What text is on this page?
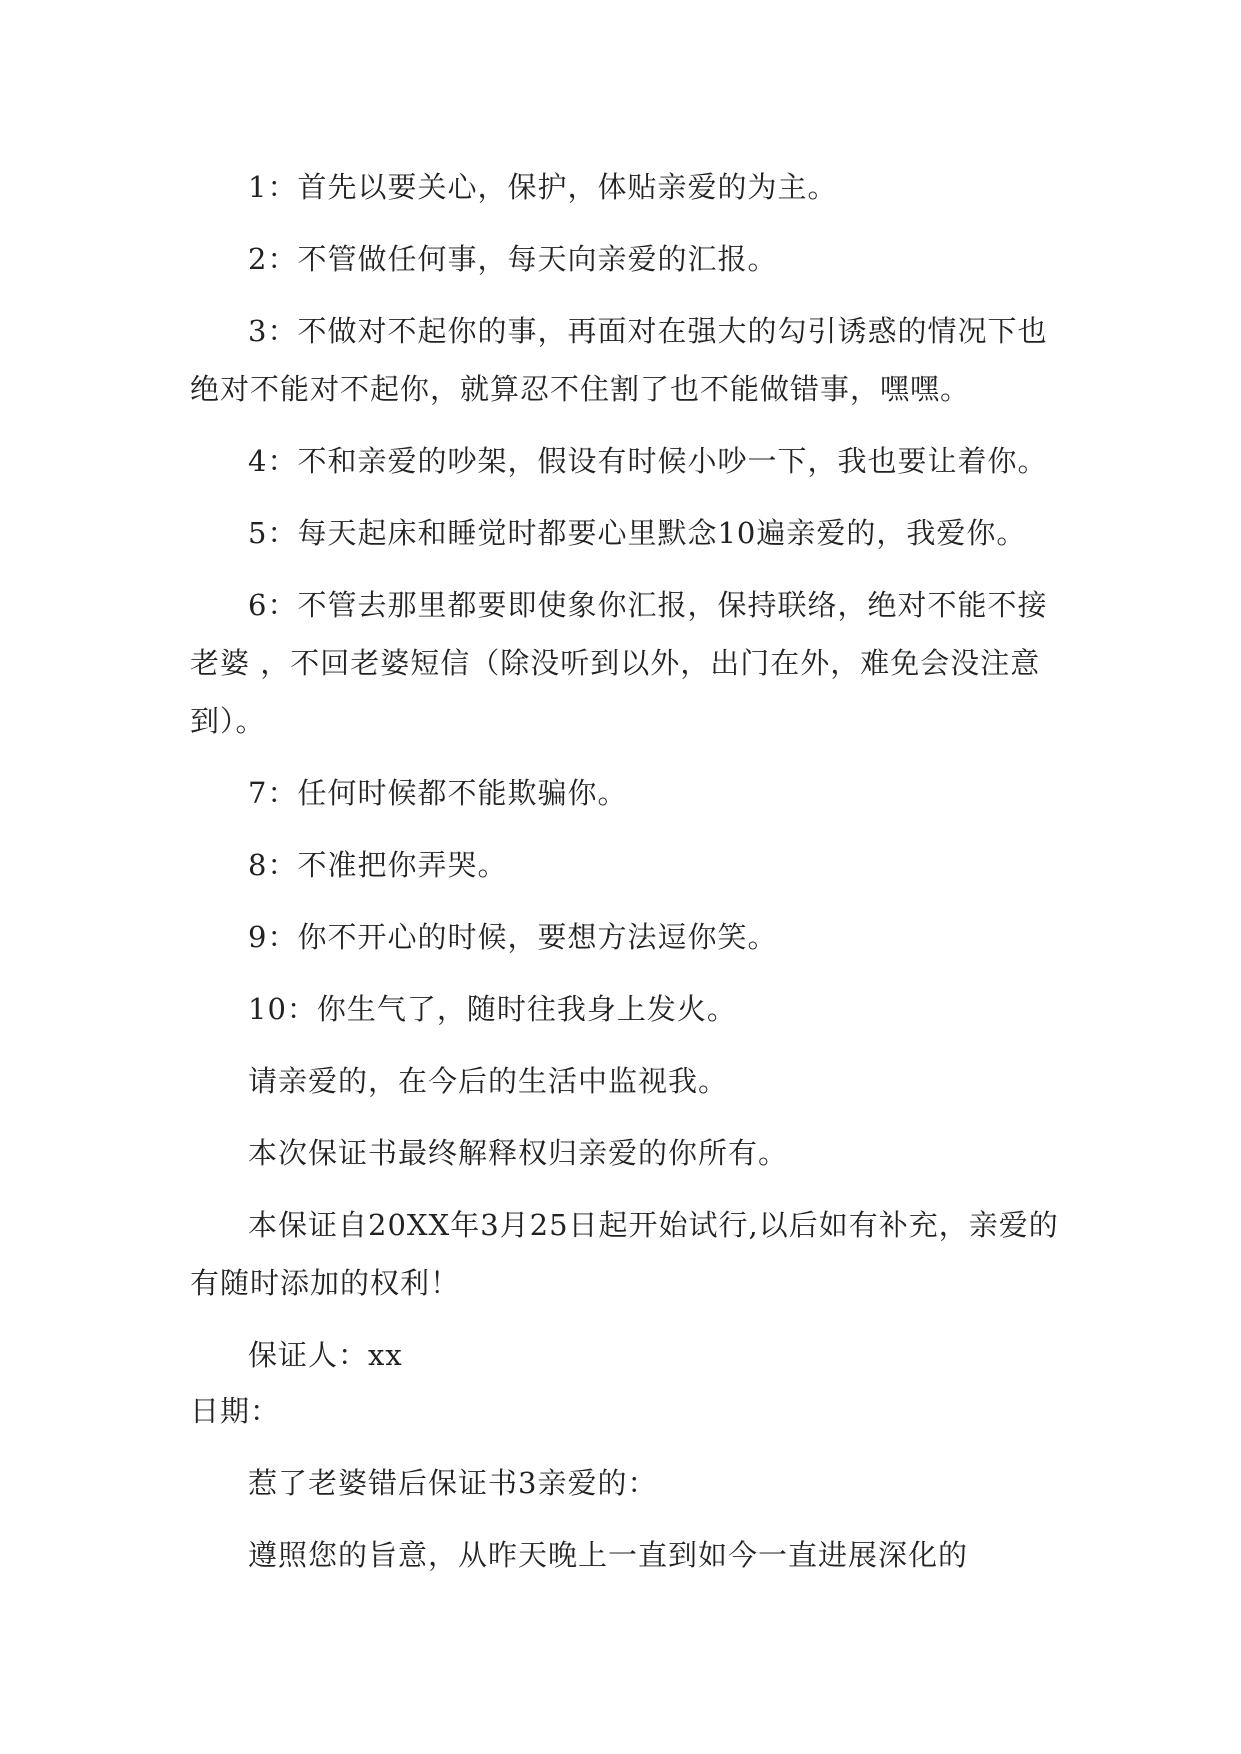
1：首先以要关心，保护，体贴亲爱的为主。

2：不管做任何事，每天向亲爱的汇报。

3：不做对不起你的事，再面对在强大的勾引诱惑的情况下也绝对不能对不起你，就算忍不住割了也不能做错事，嘿嘿。

4：不和亲爱的吵架，假设有时候小吵一下，我也要让着你。

5：每天起床和睡觉时都要心里默念10遍亲爱的，我爱你。

6：不管去那里都要即使象你汇报，保持联络，绝对不能不接老婆 ，不回老婆短信（除没听到以外，出门在外，难免会没注意到）。

7：任何时候都不能欺骗你。

8：不准把你弄哭。

9：你不开心的时候，要想方法逗你笑。

10：你生气了，随时往我身上发火。

请亲爱的，在今后的生活中监视我。

本次保证书最终解释权归亲爱的你所有。

本保证自20XX年3月25日起开始试行,以后如有补充，亲爱的有随时添加的权利！

保证人：xx

日期：

惹了老婆错后保证书3亲爱的：

遵照您的旨意，从昨天晚上一直到如今一直进展深化的
